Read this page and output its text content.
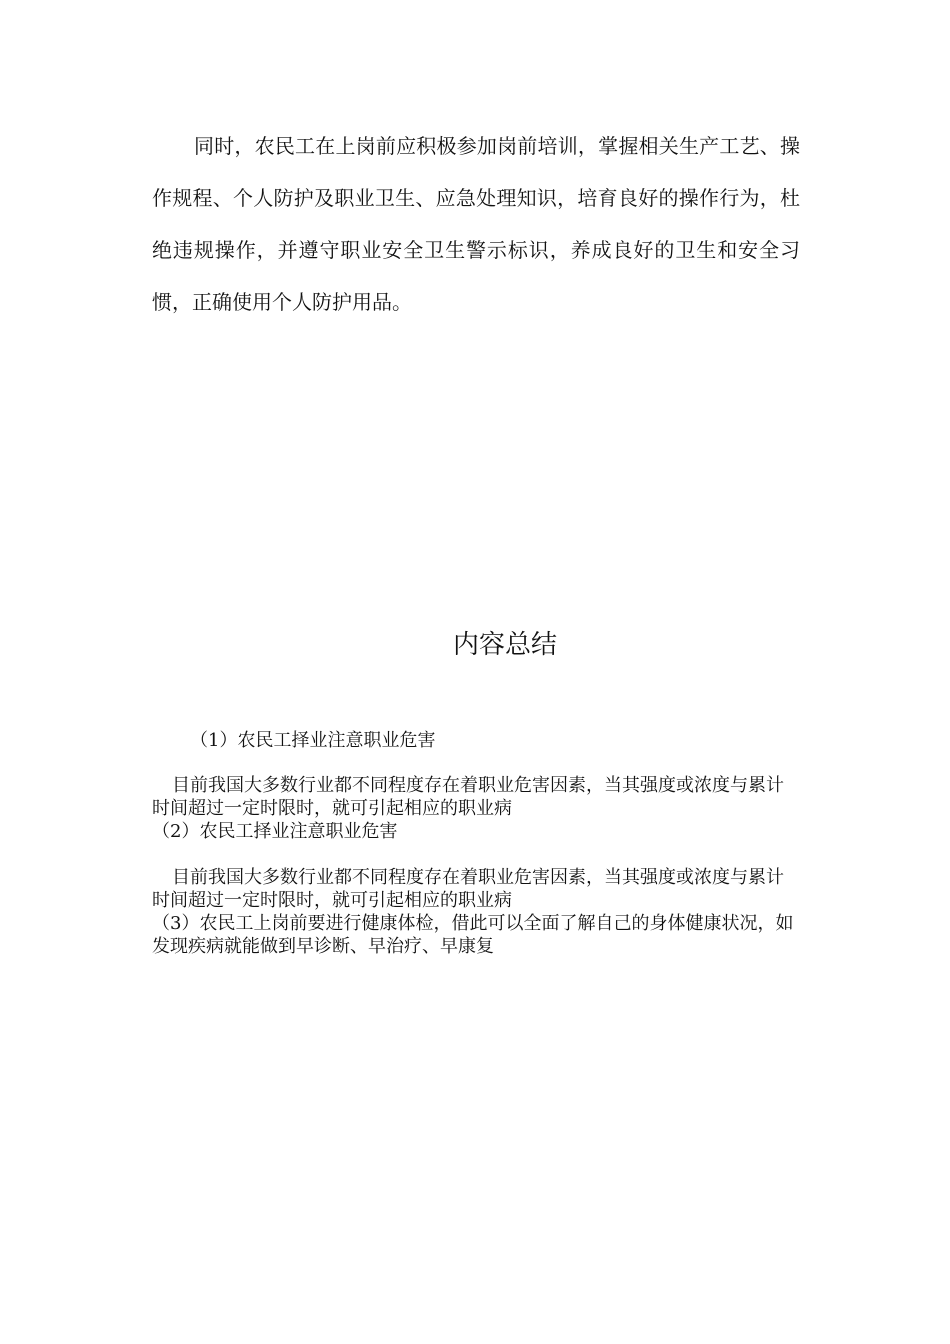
同时，农民工在上岗前应积极参加岗前培训，掌握相关生产工艺、操作规程、个人防护及职业卫生、应急处理知识，培育良好的操作行为，杜绝违规操作，并遵守职业安全卫生警示标识，养成良好的卫生和安全习惯，正确使用个人防护用品。

内容总结

（1）农民工择业注意职业危害

目前我国大多数行业都不同程度存在着职业危害因素，当其强度或浓度与累计时间超过一定时限时，就可引起相应的职业病

（2）农民工择业注意职业危害

目前我国大多数行业都不同程度存在着职业危害因素，当其强度或浓度与累计时间超过一定时限时，就可引起相应的职业病

（3）农民工上岗前要进行健康体检，借此可以全面了解自己的身体健康状况，如发现疾病就能做到早诊断、早治疗、早康复
